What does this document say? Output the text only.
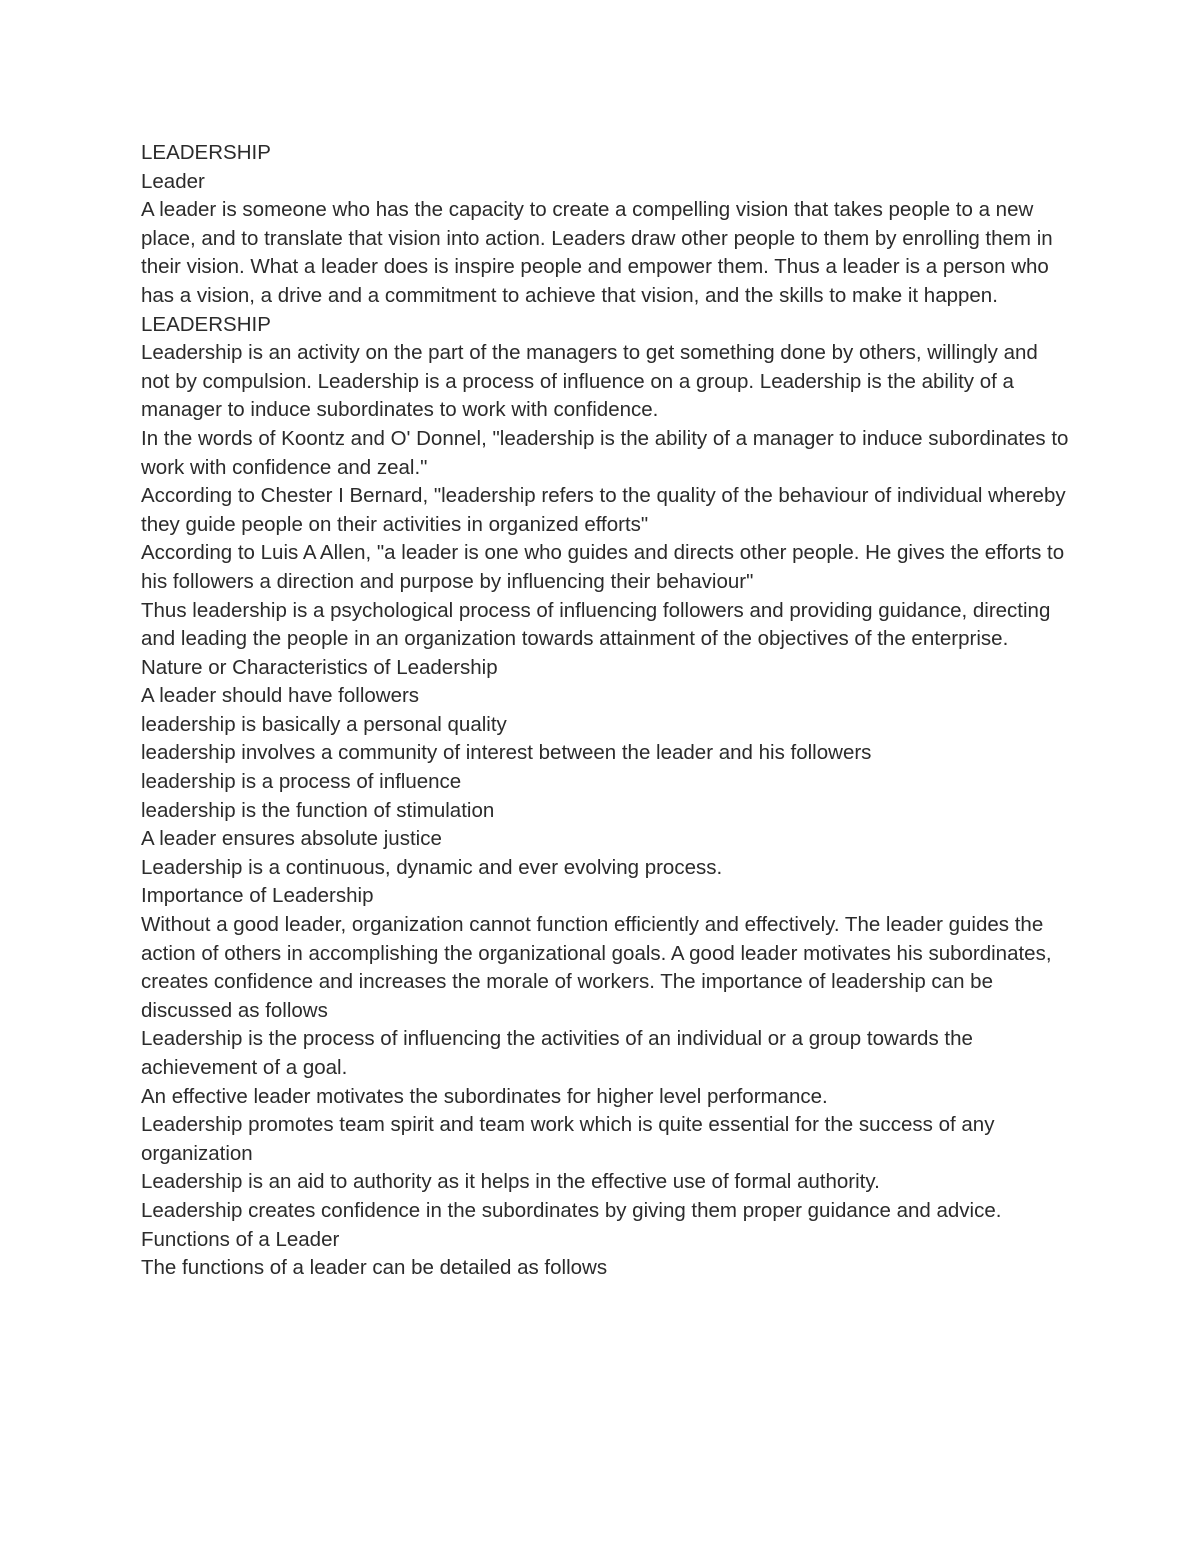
LEADERSHIP

Leader

A leader is someone who has the capacity to create a compelling vision that takes people to a new place, and to translate that vision into action. Leaders draw other people to them by enrolling them in their vision. What a leader does is inspire people and empower them. Thus a leader is a person who has a vision, a drive and a commitment to achieve that vision, and the skills to make it happen.

LEADERSHIP

Leadership is an activity on the part of the managers to get something done by others, willingly and not by compulsion. Leadership is a process of influence on a group. Leadership is the ability of a manager to induce subordinates to work with confidence.

In the words of Koontz and O' Donnel, "leadership is the ability of a manager to induce subordinates to work with confidence and zeal."

According to Chester I Bernard, "leadership refers to the quality of the behaviour of individual whereby they guide people on their activities in organized efforts"

According to Luis A Allen, "a leader is one who guides and directs other people. He gives the efforts to his followers a direction and purpose by influencing their behaviour"

Thus leadership is a psychological process of influencing followers and providing guidance, directing and leading the people in an organization towards attainment of the objectives of the enterprise.

Nature or Characteristics of Leadership

A leader should have followers

leadership is basically a personal quality

leadership involves a community of interest between the leader and his followers

leadership is a process of influence

leadership is the function of stimulation

A leader ensures absolute justice

Leadership is a continuous, dynamic and ever evolving process.

Importance of Leadership

Without a good leader, organization cannot function efficiently and effectively. The leader guides the action of others in accomplishing the organizational goals. A good leader motivates his subordinates, creates confidence and increases the morale of workers. The importance of leadership can be discussed as follows

Leadership is the process of influencing the activities of an individual or a group towards the achievement of a goal.

An effective leader motivates the subordinates for higher level performance.

Leadership promotes team spirit and team work which is quite essential for the success of any organization

Leadership is an aid to authority as it helps in the effective use of formal authority.

Leadership creates confidence in the subordinates by giving them proper guidance and advice.

Functions of a Leader

The functions of a leader can be detailed as follows
